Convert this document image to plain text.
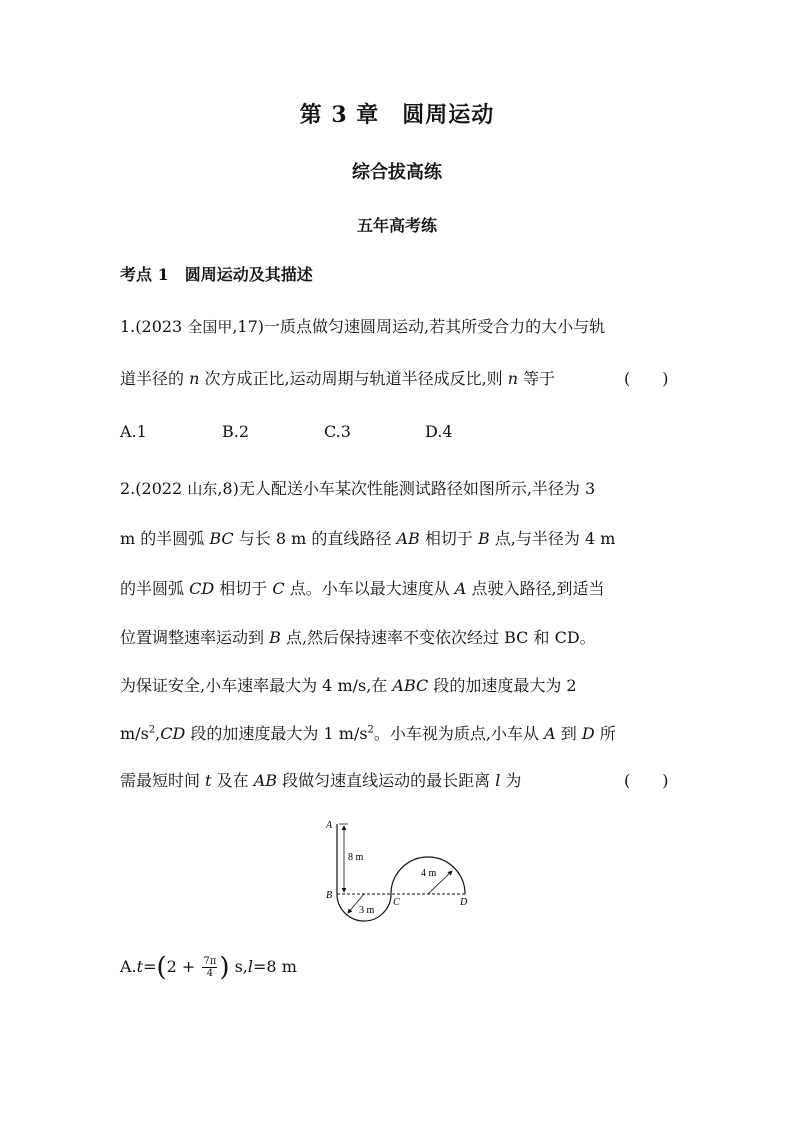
第 3 章　圆周运动
综合拔高练
五年高考练
考点 1　圆周运动及其描述
1.(2023 全国甲,17)一质点做匀速圆周运动,若其所受合力的大小与轨
道半径的 n 次方成正比,运动周期与轨道半径成反比,则 n 等于	(　　)
A.1	B.2	C.3	D.4
2.(2022 山东,8)无人配送小车某次性能测试路径如图所示,半径为 3
m 的半圆弧 BC 与长 8 m 的直线路径 AB 相切于 B 点,与半径为 4 m
的半圆弧 CD 相切于 C 点。小车以最大速度从 A 点驶入路径,到适当
位置调整速率运动到 B 点,然后保持速率不变依次经过 BC 和 CD。
为保证安全,小车速率最大为 4 m/s,在 ABC 段的加速度最大为 2
$m/s^2,CD$ 段的加速度最大为 1 $m/s^2$。小车视为质点,小车从 A 到 D 所
需最短时间 t 及在 AB 段做匀速直线运动的最长距离 l 为	(　　)
A
B
C	D
8 m
3 m
4 m
$A.t=(2 + \frac{7\pi}{4}$ ) s,l=8 m
